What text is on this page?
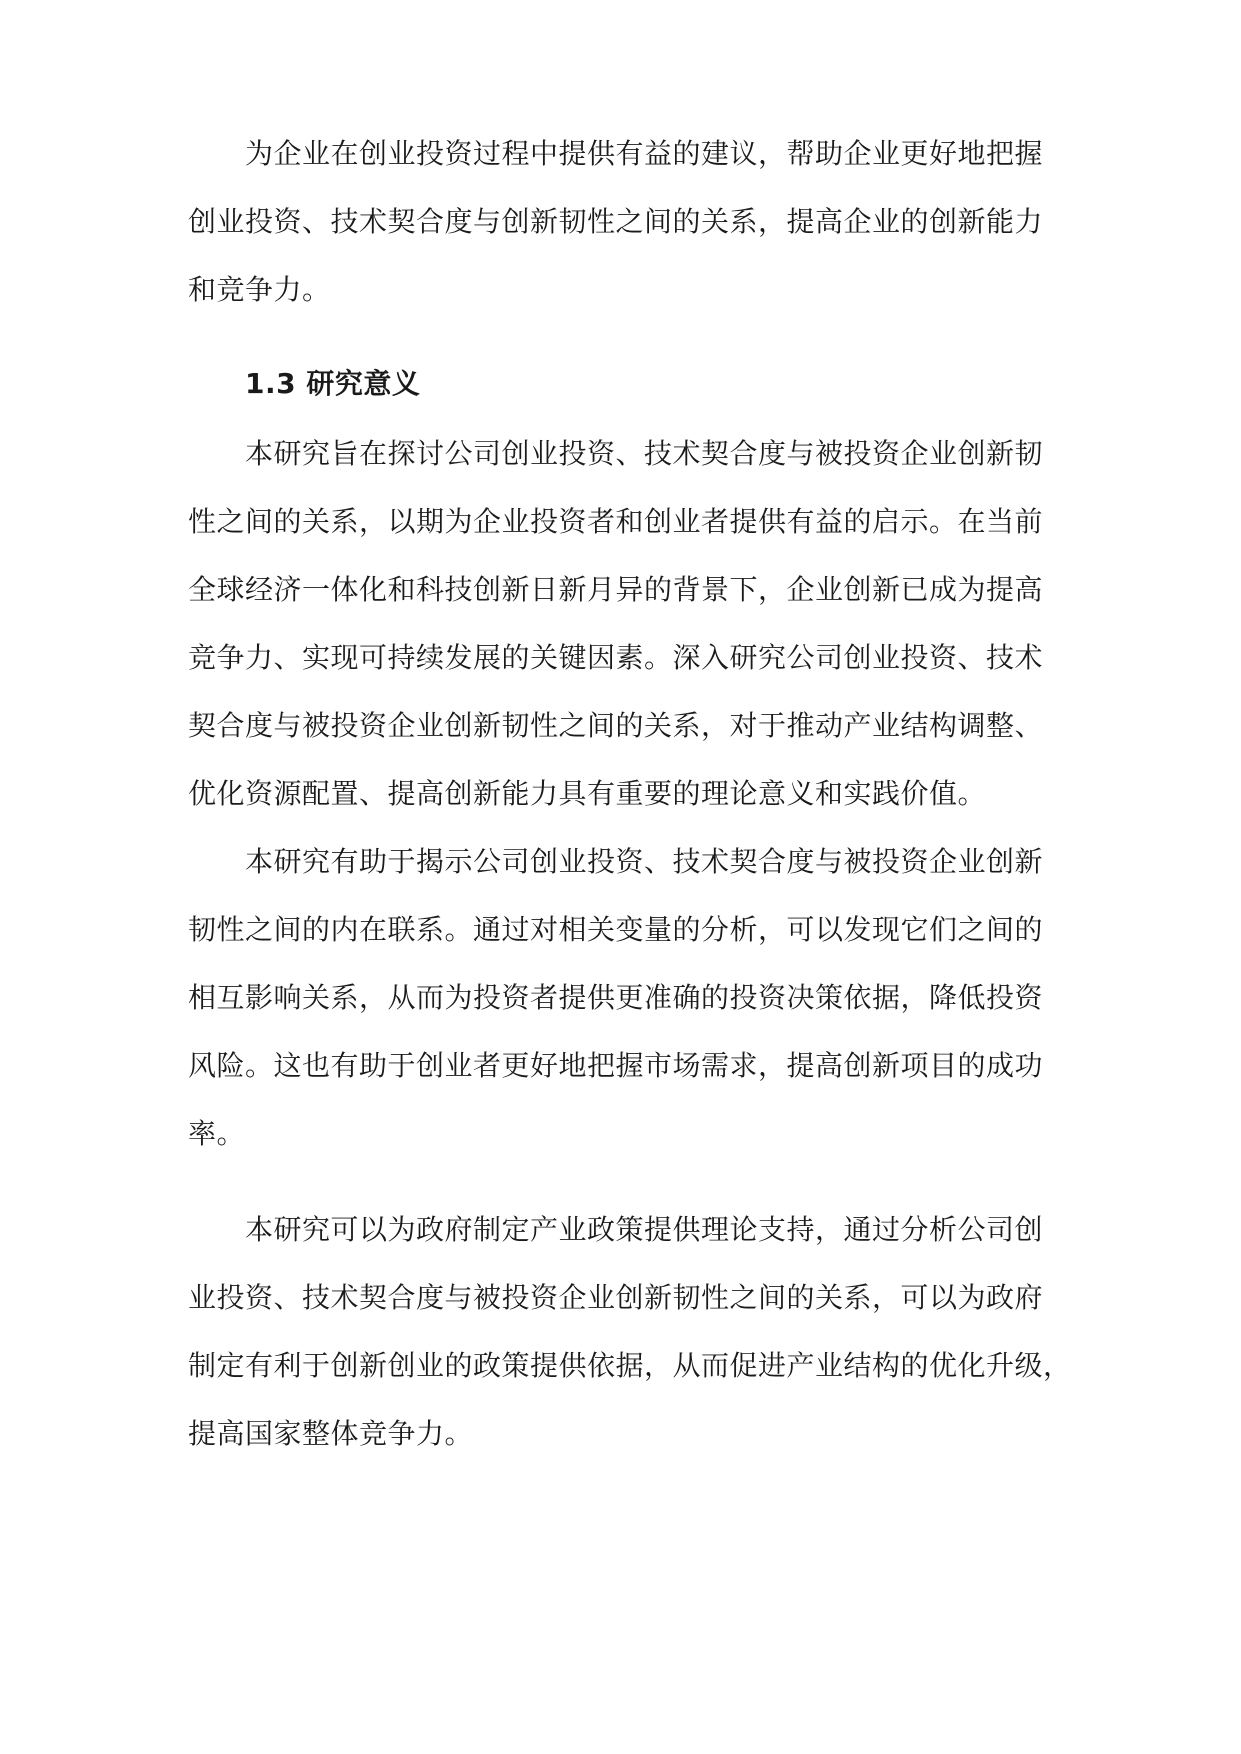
为企业在创业投资过程中提供有益的建议，帮助企业更好地把握

创业投资、技术契合度与创新韧性之间的关系，提高企业的创新能力

和竞争力。

1.3 研究意义

本研究旨在探讨公司创业投资、技术契合度与被投资企业创新韧

性之间的关系，以期为企业投资者和创业者提供有益的启示。在当前

全球经济一体化和科技创新日新月异的背景下，企业创新已成为提高

竞争力、实现可持续发展的关键因素。深入研究公司创业投资、技术

契合度与被投资企业创新韧性之间的关系，对于推动产业结构调整、

优化资源配置、提高创新能力具有重要的理论意义和实践价值。

本研究有助于揭示公司创业投资、技术契合度与被投资企业创新

韧性之间的内在联系。通过对相关变量的分析，可以发现它们之间的

相互影响关系，从而为投资者提供更准确的投资决策依据，降低投资

风险。这也有助于创业者更好地把握市场需求，提高创新项目的成功

率。

本研究可以为政府制定产业政策提供理论支持，通过分析公司创

业投资、技术契合度与被投资企业创新韧性之间的关系，可以为政府

制定有利于创新创业的政策提供依据，从而促进产业结构的优化升级，

提高国家整体竞争力。
